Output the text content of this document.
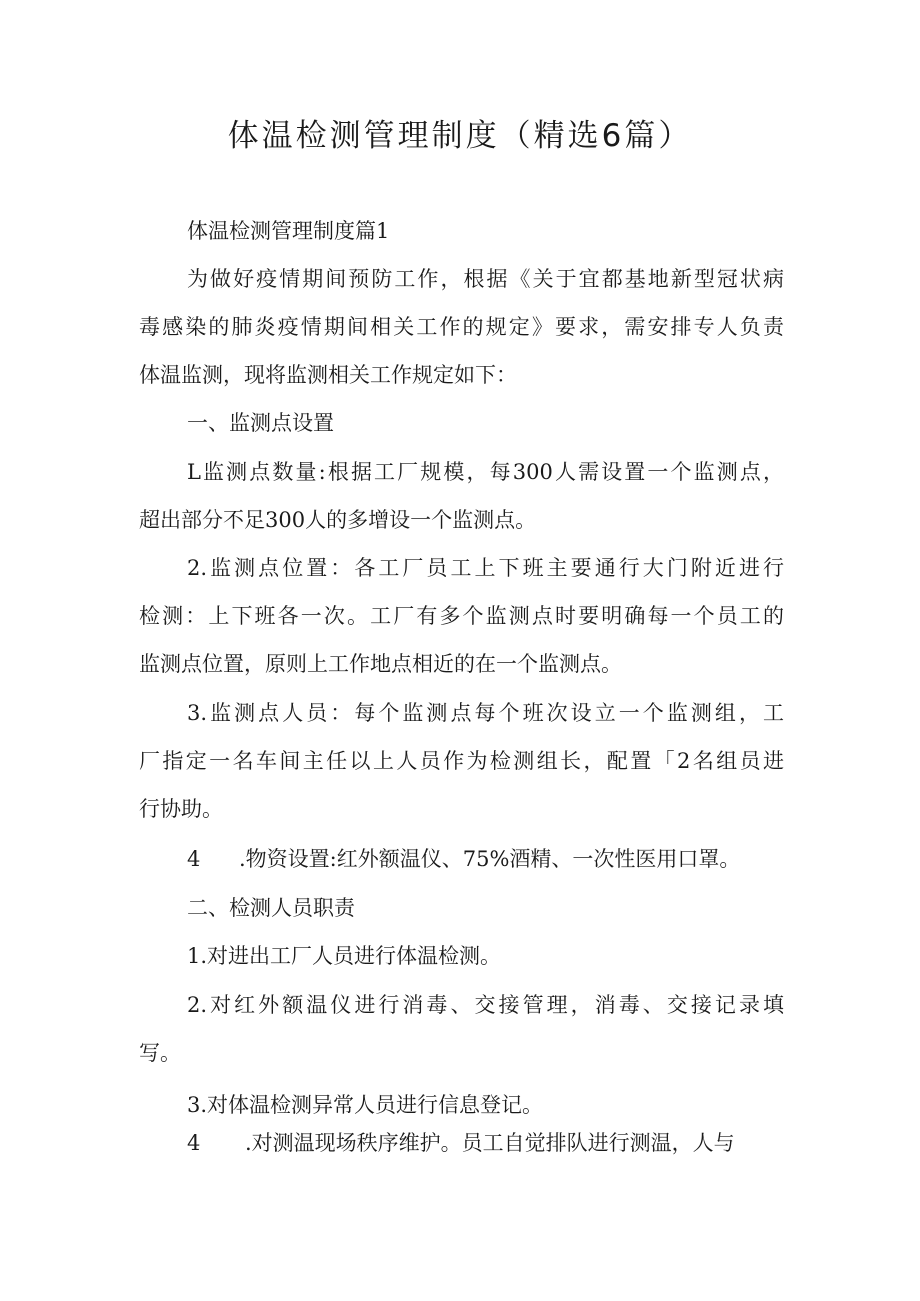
体温检测管理制度（精选6篇）

体温检测管理制度篇1

为做好疫情期间预防工作，根据《关于宜都基地新型冠状病

毒感染的肺炎疫情期间相关工作的规定》要求，需安排专人负责

体温监测，现将监测相关工作规定如下：

一、监测点设置

L监测点数量:根据工厂规模，每300人需设置一个监测点，

超出部分不足300人的多增设一个监测点。

2.监测点位置：各工厂员工上下班主要通行大门附近进行

检测：上下班各一次。工厂有多个监测点时要明确每一个员工的

监测点位置，原则上工作地点相近的在一个监测点。

3.监测点人员：每个监测点每个班次设立一个监测组，工

厂指定一名车间主任以上人员作为检测组长，配置「2名组员进

行协助。

4 .物资设置:红外额温仪、75%酒精、一次性医用口罩。

二、检测人员职责

1.对进出工厂人员进行体温检测。

2.对红外额温仪进行消毒、交接管理，消毒、交接记录填

写。

3.对体温检测异常人员进行信息登记。

4 .对测温现场秩序维护。员工自觉排队进行测温，人与
